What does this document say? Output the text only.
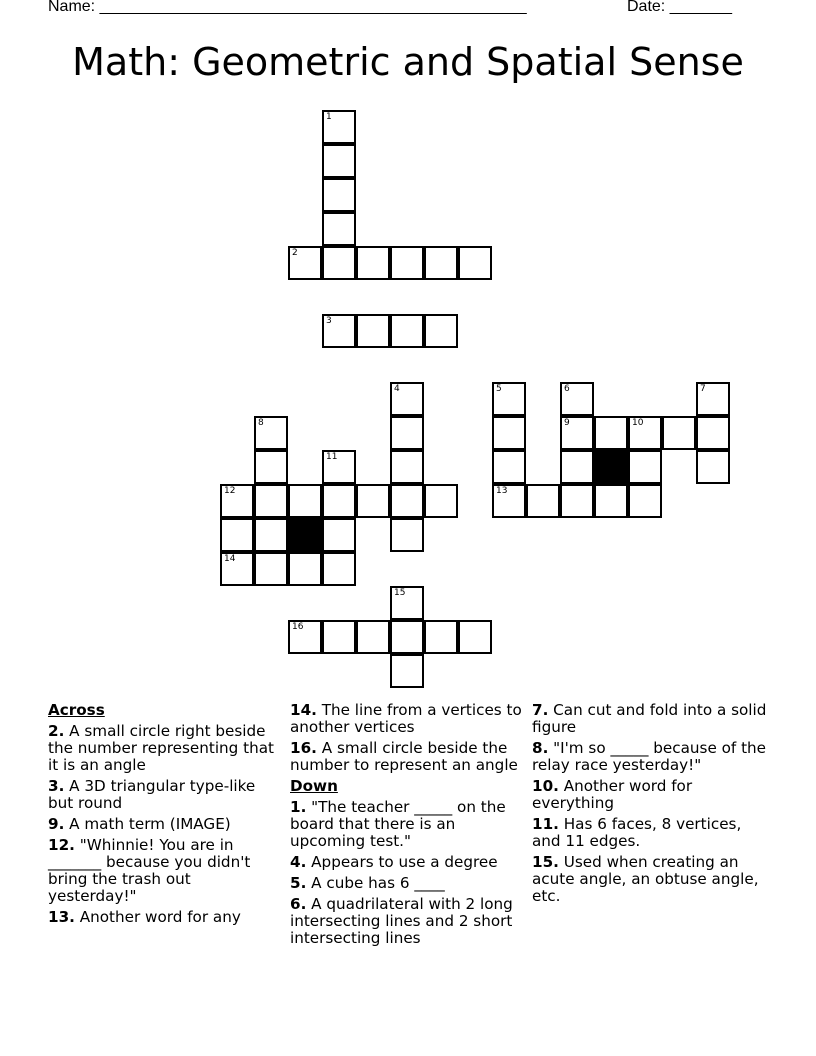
Name: ________________________________________________	Date: _______
Math: Geometric and Spatial Sense
1
2
3
4	5
13
6
9
7
8	10
11
12
14
15
16
Across
2. A small circle right beside the number representing that it is an angle
3. A 3D triangular type-like but round
9. A math term (IMAGE)
12. "Whinnie! You are in _______ because you didn't bring the trash out yesterday!"
13. Another word for any
14. The line from a vertices to another vertices
16. A small circle beside the number to represent an angle
Down
1. "The teacher _____ on the board that there is an upcoming test."
4. Appears to use a degree
5. A cube has 6 ____
6. A quadrilateral with 2 long intersecting lines and 2 short intersecting lines
7. Can cut and fold into a solid figure
8. "I'm so _____ because of the relay race yesterday!"
10. Another word for everything
11. Has 6 faces, 8 vertices, and 11 edges.
15. Used when creating an acute angle, an obtuse angle, etc.
